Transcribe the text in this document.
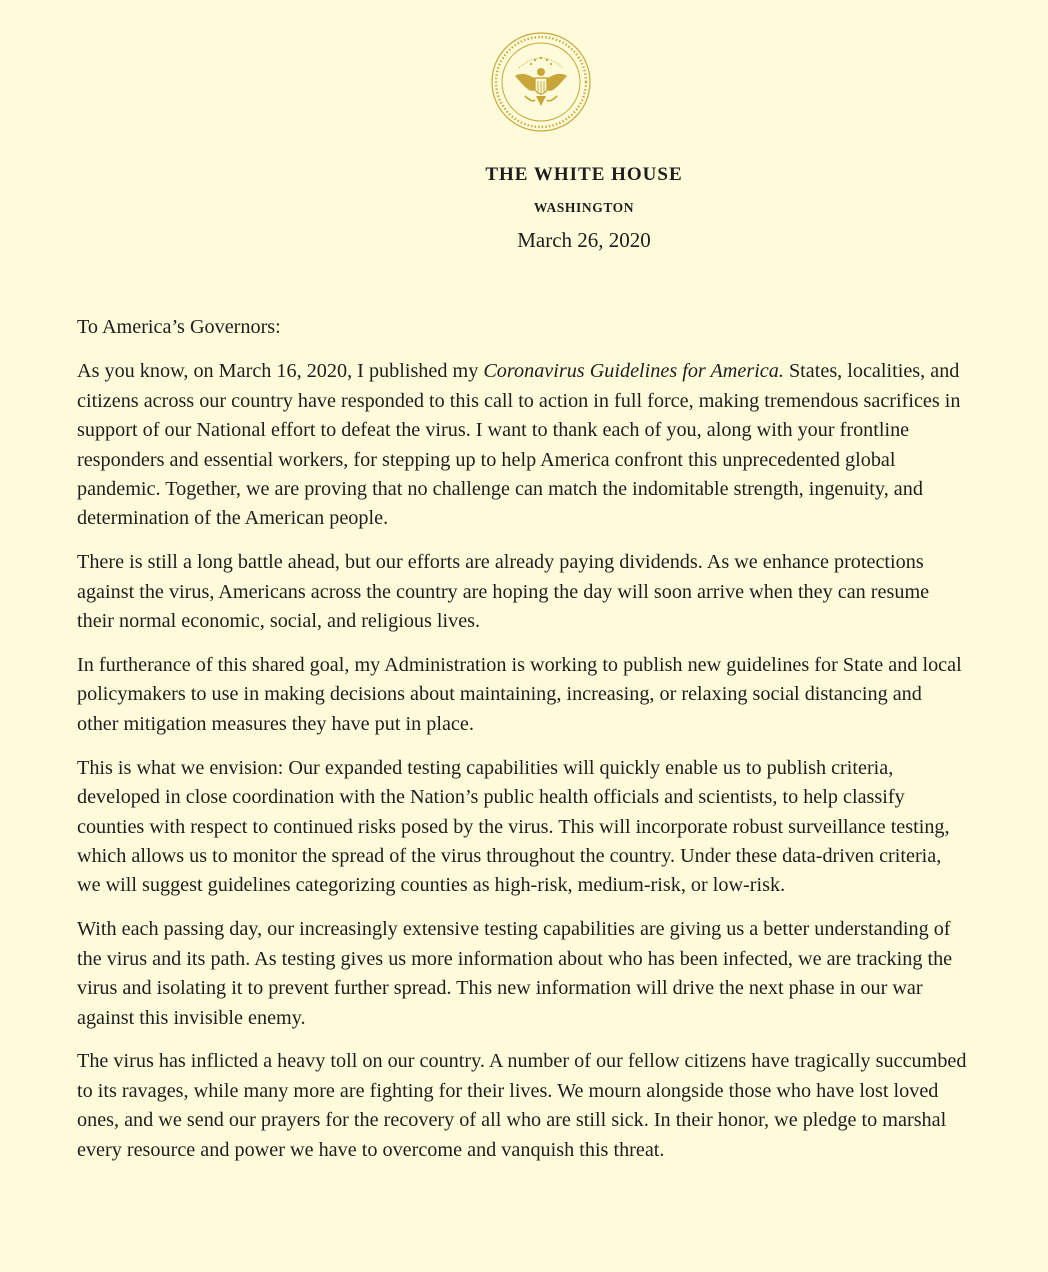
THE WHITE HOUSE
WASHINGTON
March 26, 2020

To America’s Governors:

As you know, on March 16, 2020, I published my Coronavirus Guidelines for America. States, localities, and citizens across our country have responded to this call to action in full force, making tremendous sacrifices in support of our National effort to defeat the virus. I want to thank each of you, along with your frontline responders and essential workers, for stepping up to help America confront this unprecedented global pandemic. Together, we are proving that no challenge can match the indomitable strength, ingenuity, and determination of the American people.

There is still a long battle ahead, but our efforts are already paying dividends. As we enhance protections against the virus, Americans across the country are hoping the day will soon arrive when they can resume their normal economic, social, and religious lives.

In furtherance of this shared goal, my Administration is working to publish new guidelines for State and local policymakers to use in making decisions about maintaining, increasing, or relaxing social distancing and other mitigation measures they have put in place.

This is what we envision: Our expanded testing capabilities will quickly enable us to publish criteria, developed in close coordination with the Nation’s public health officials and scientists, to help classify counties with respect to continued risks posed by the virus. This will incorporate robust surveillance testing, which allows us to monitor the spread of the virus throughout the country. Under these data-driven criteria, we will suggest guidelines categorizing counties as high-risk, medium-risk, or low-risk.

With each passing day, our increasingly extensive testing capabilities are giving us a better understanding of the virus and its path. As testing gives us more information about who has been infected, we are tracking the virus and isolating it to prevent further spread. This new information will drive the next phase in our war against this invisible enemy.

The virus has inflicted a heavy toll on our country. A number of our fellow citizens have tragically succumbed to its ravages, while many more are fighting for their lives. We mourn alongside those who have lost loved ones, and we send our prayers for the recovery of all who are still sick. In their honor, we pledge to marshal every resource and power we have to overcome and vanquish this threat.
